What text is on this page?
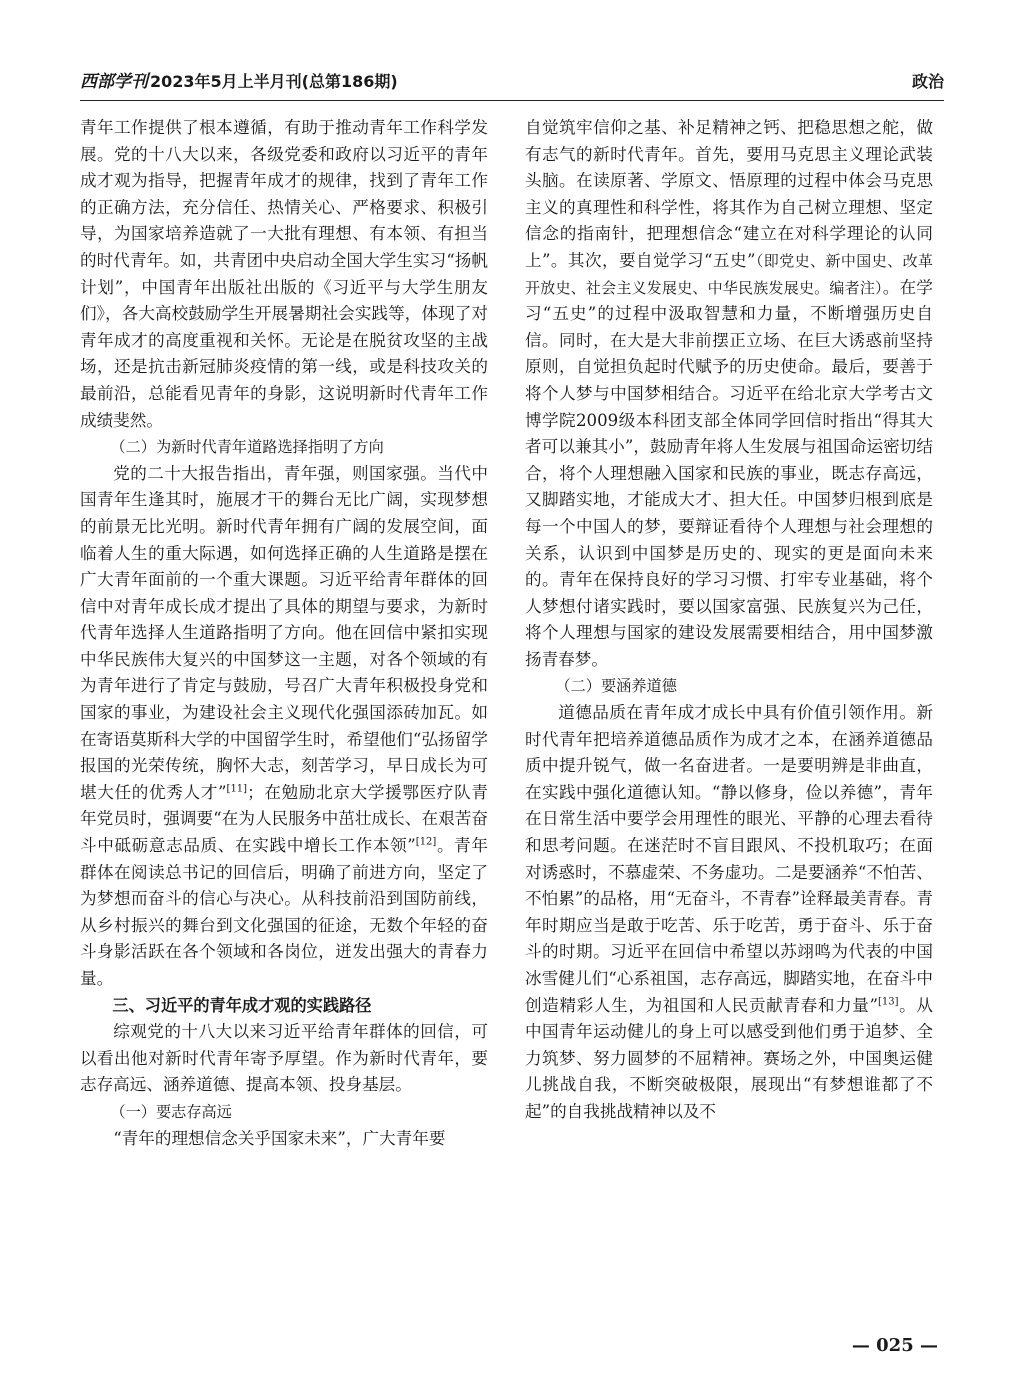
西部学刊 2023年5月上半月刊(总第186期)	政治

青年工作提供了根本遵循，有助于推动青年工作科学发展。党的十八大以来，各级党委和政府以习近平的青年成才观为指导，把握青年成才的规律，找到了青年工作的正确方法，充分信任、热情关心、严格要求、积极引导，为国家培养造就了一大批有理想、有本领、有担当的时代青年。如，共青团中央启动全国大学生实习“扬帆计划”，中国青年出版社出版的《习近平与大学生朋友们》，各大高校鼓励学生开展暑期社会实践等，体现了对青年成才的高度重视和关怀。无论是在脱贫攻坚的主战场，还是抗击新冠肺炎疫情的第一线，或是科技攻关的最前沿，总能看见青年的身影，这说明新时代青年工作成绩斐然。

（二）为新时代青年道路选择指明了方向

党的二十大报告指出，青年强，则国家强。当代中国青年生逢其时，施展才干的舞台无比广阔，实现梦想的前景无比光明。新时代青年拥有广阔的发展空间，面临着人生的重大际遇，如何选择正确的人生道路是摆在广大青年面前的一个重大课题。习近平给青年群体的回信中对青年成长成才提出了具体的期望与要求，为新时代青年选择人生道路指明了方向。他在回信中紧扣实现中华民族伟大复兴的中国梦这一主题，对各个领域的有为青年进行了肯定与鼓励，号召广大青年积极投身党和国家的事业，为建设社会主义现代化强国添砖加瓦。如在寄语莫斯科大学的中国留学生时，希望他们“弘扬留学报国的光荣传统，胸怀大志，刻苦学习，早日成长为可堪大任的优秀人才”[11]；在勉励北京大学援鄂医疗队青年党员时，强调要“在为人民服务中茁壮成长、在艰苦奋斗中砥砺意志品质、在实践中增长工作本领”[12]。青年群体在阅读总书记的回信后，明确了前进方向，坚定了为梦想而奋斗的信心与决心。从科技前沿到国防前线，从乡村振兴的舞台到文化强国的征途，无数个年轻的奋斗身影活跃在各个领域和各岗位，迸发出强大的青春力量。

三、习近平的青年成才观的实践路径

综观党的十八大以来习近平给青年群体的回信，可以看出他对新时代青年寄予厚望。作为新时代青年，要志存高远、涵养道德、提高本领、投身基层。

（一）要志存高远

“青年的理想信念关乎国家未来”，广大青年要

自觉筑牢信仰之基、补足精神之钙、把稳思想之舵，做有志气的新时代青年。首先，要用马克思主义理论武装头脑。在读原著、学原文、悟原理的过程中体会马克思主义的真理性和科学性，将其作为自己树立理想、坚定信念的指南针，把理想信念“建立在对科学理论的认同上”。其次，要自觉学习“五史”（即党史、新中国史、改革开放史、社会主义发展史、中华民族发展史。编者注）。在学习“五史”的过程中汲取智慧和力量，不断增强历史自信。同时，在大是大非前摆正立场、在巨大诱惑前坚持原则，自觉担负起时代赋予的历史使命。最后，要善于将个人梦与中国梦相结合。习近平在给北京大学考古文博学院2009级本科团支部全体同学回信时指出“得其大者可以兼其小”，鼓励青年将人生发展与祖国命运密切结合，将个人理想融入国家和民族的事业，既志存高远，又脚踏实地，才能成大才、担大任。中国梦归根到底是每一个中国人的梦，要辩证看待个人理想与社会理想的关系，认识到中国梦是历史的、现实的更是面向未来的。青年在保持良好的学习习惯、打牢专业基础，将个人梦想付诸实践时，要以国家富强、民族复兴为己任，将个人理想与国家的建设发展需要相结合，用中国梦激扬青春梦。

（二）要涵养道德

道德品质在青年成才成长中具有价值引领作用。新时代青年把培养道德品质作为成才之本，在涵养道德品质中提升锐气，做一名奋进者。一是要明辨是非曲直，在实践中强化道德认知。“静以修身，俭以养德”，青年在日常生活中要学会用理性的眼光、平静的心理去看待和思考问题。在迷茫时不盲目跟风、不投机取巧；在面对诱惑时，不慕虚荣、不务虚功。二是要涵养“不怕苦、不怕累”的品格，用“无奋斗，不青春”诠释最美青春。青年时期应当是敢于吃苦、乐于吃苦，勇于奋斗、乐于奋斗的时期。习近平在回信中希望以苏翊鸣为代表的中国冰雪健儿们“心系祖国，志存高远，脚踏实地，在奋斗中创造精彩人生，为祖国和人民贡献青春和力量”[13]。从中国青年运动健儿的身上可以感受到他们勇于追梦、全力筑梦、努力圆梦的不屈精神。赛场之外，中国奥运健儿挑战自我，不断突破极限，展现出“有梦想谁都了不起”的自我挑战精神以及不

— 025 —
